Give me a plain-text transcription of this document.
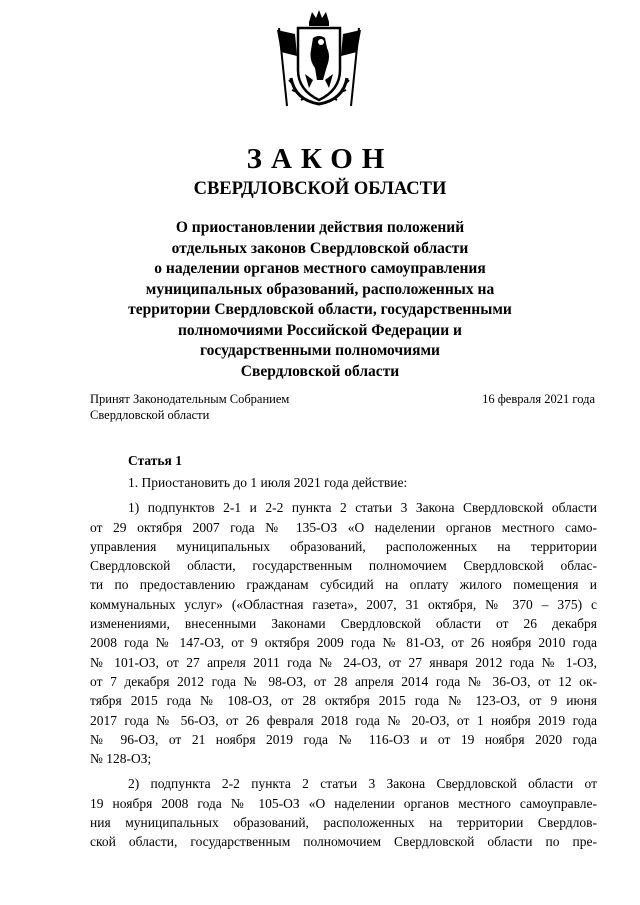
ЗАКОН
СВЕРДЛОВСКОЙ ОБЛАСТИ
О приостановлении действия положений
отдельных законов Свердловской области
о наделении органов местного самоуправления
муниципальных образований, расположенных на
территории Свердловской области, государственными
полномочиями Российской Федерации и
государственными полномочиями
Свердловской области
Принят Законодательным Собранием
Свердловской области
16 февраля 2021 года
Статья 1
1. Приостановить до 1 июля 2021 года действие:
1) подпунктов 2-1 и 2-2 пункта 2 статьи 3 Закона Свердловской области
от 29 октября 2007 года № 135-ОЗ «О наделении органов местного само-
управления муниципальных образований, расположенных на территории
Свердловской области, государственным полномочием Свердловской облас-
ти по предоставлению гражданам субсидий на оплату жилого помещения и
коммунальных услуг» («Областная газета», 2007, 31 октября, № 370 – 375) с
изменениями, внесенными Законами Свердловской области от 26 декабря
2008 года № 147-ОЗ, от 9 октября 2009 года № 81-ОЗ, от 26 ноября 2010 года
№ 101-ОЗ, от 27 апреля 2011 года № 24-ОЗ, от 27 января 2012 года № 1-ОЗ,
от 7 декабря 2012 года № 98-ОЗ, от 28 апреля 2014 года № 36-ОЗ, от 12 ок-
тября 2015 года № 108-ОЗ, от 28 октября 2015 года № 123-ОЗ, от 9 июня
2017 года № 56-ОЗ, от 26 февраля 2018 года № 20-ОЗ, от 1 ноября 2019 года
№ 96-ОЗ, от 21 ноября 2019 года № 116-ОЗ и от 19 ноября 2020 года
№ 128-ОЗ;
2) подпункта 2-2 пункта 2 статьи 3 Закона Свердловской области от
19 ноября 2008 года № 105-ОЗ «О наделении органов местного самоуправле-
ния муниципальных образований, расположенных на территории Свердлов-
ской области, государственным полномочием Свердловской области по пре-
